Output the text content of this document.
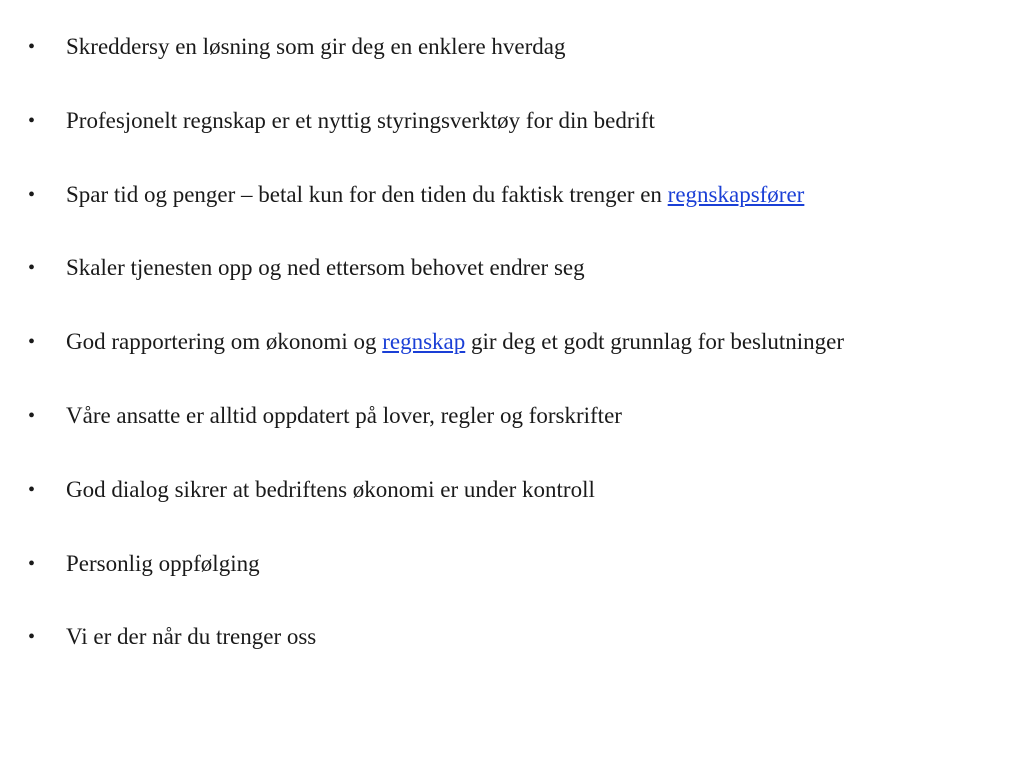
•	Skreddersy en løsning som gir deg en enklere hverdag
•	Profesjonelt regnskap er et nyttig styringsverktøy for din bedrift
•	Spar tid og penger – betal kun for den tiden du faktisk trenger en regnskapsfører
•	Skaler tjenesten opp og ned ettersom behovet endrer seg
•	God rapportering om økonomi og regnskap gir deg et godt grunnlag for beslutninger
•	Våre ansatte er alltid oppdatert på lover, regler og forskrifter
•	God dialog sikrer at bedriftens økonomi er under kontroll
•	Personlig oppfølging
•	Vi er der når du trenger oss
